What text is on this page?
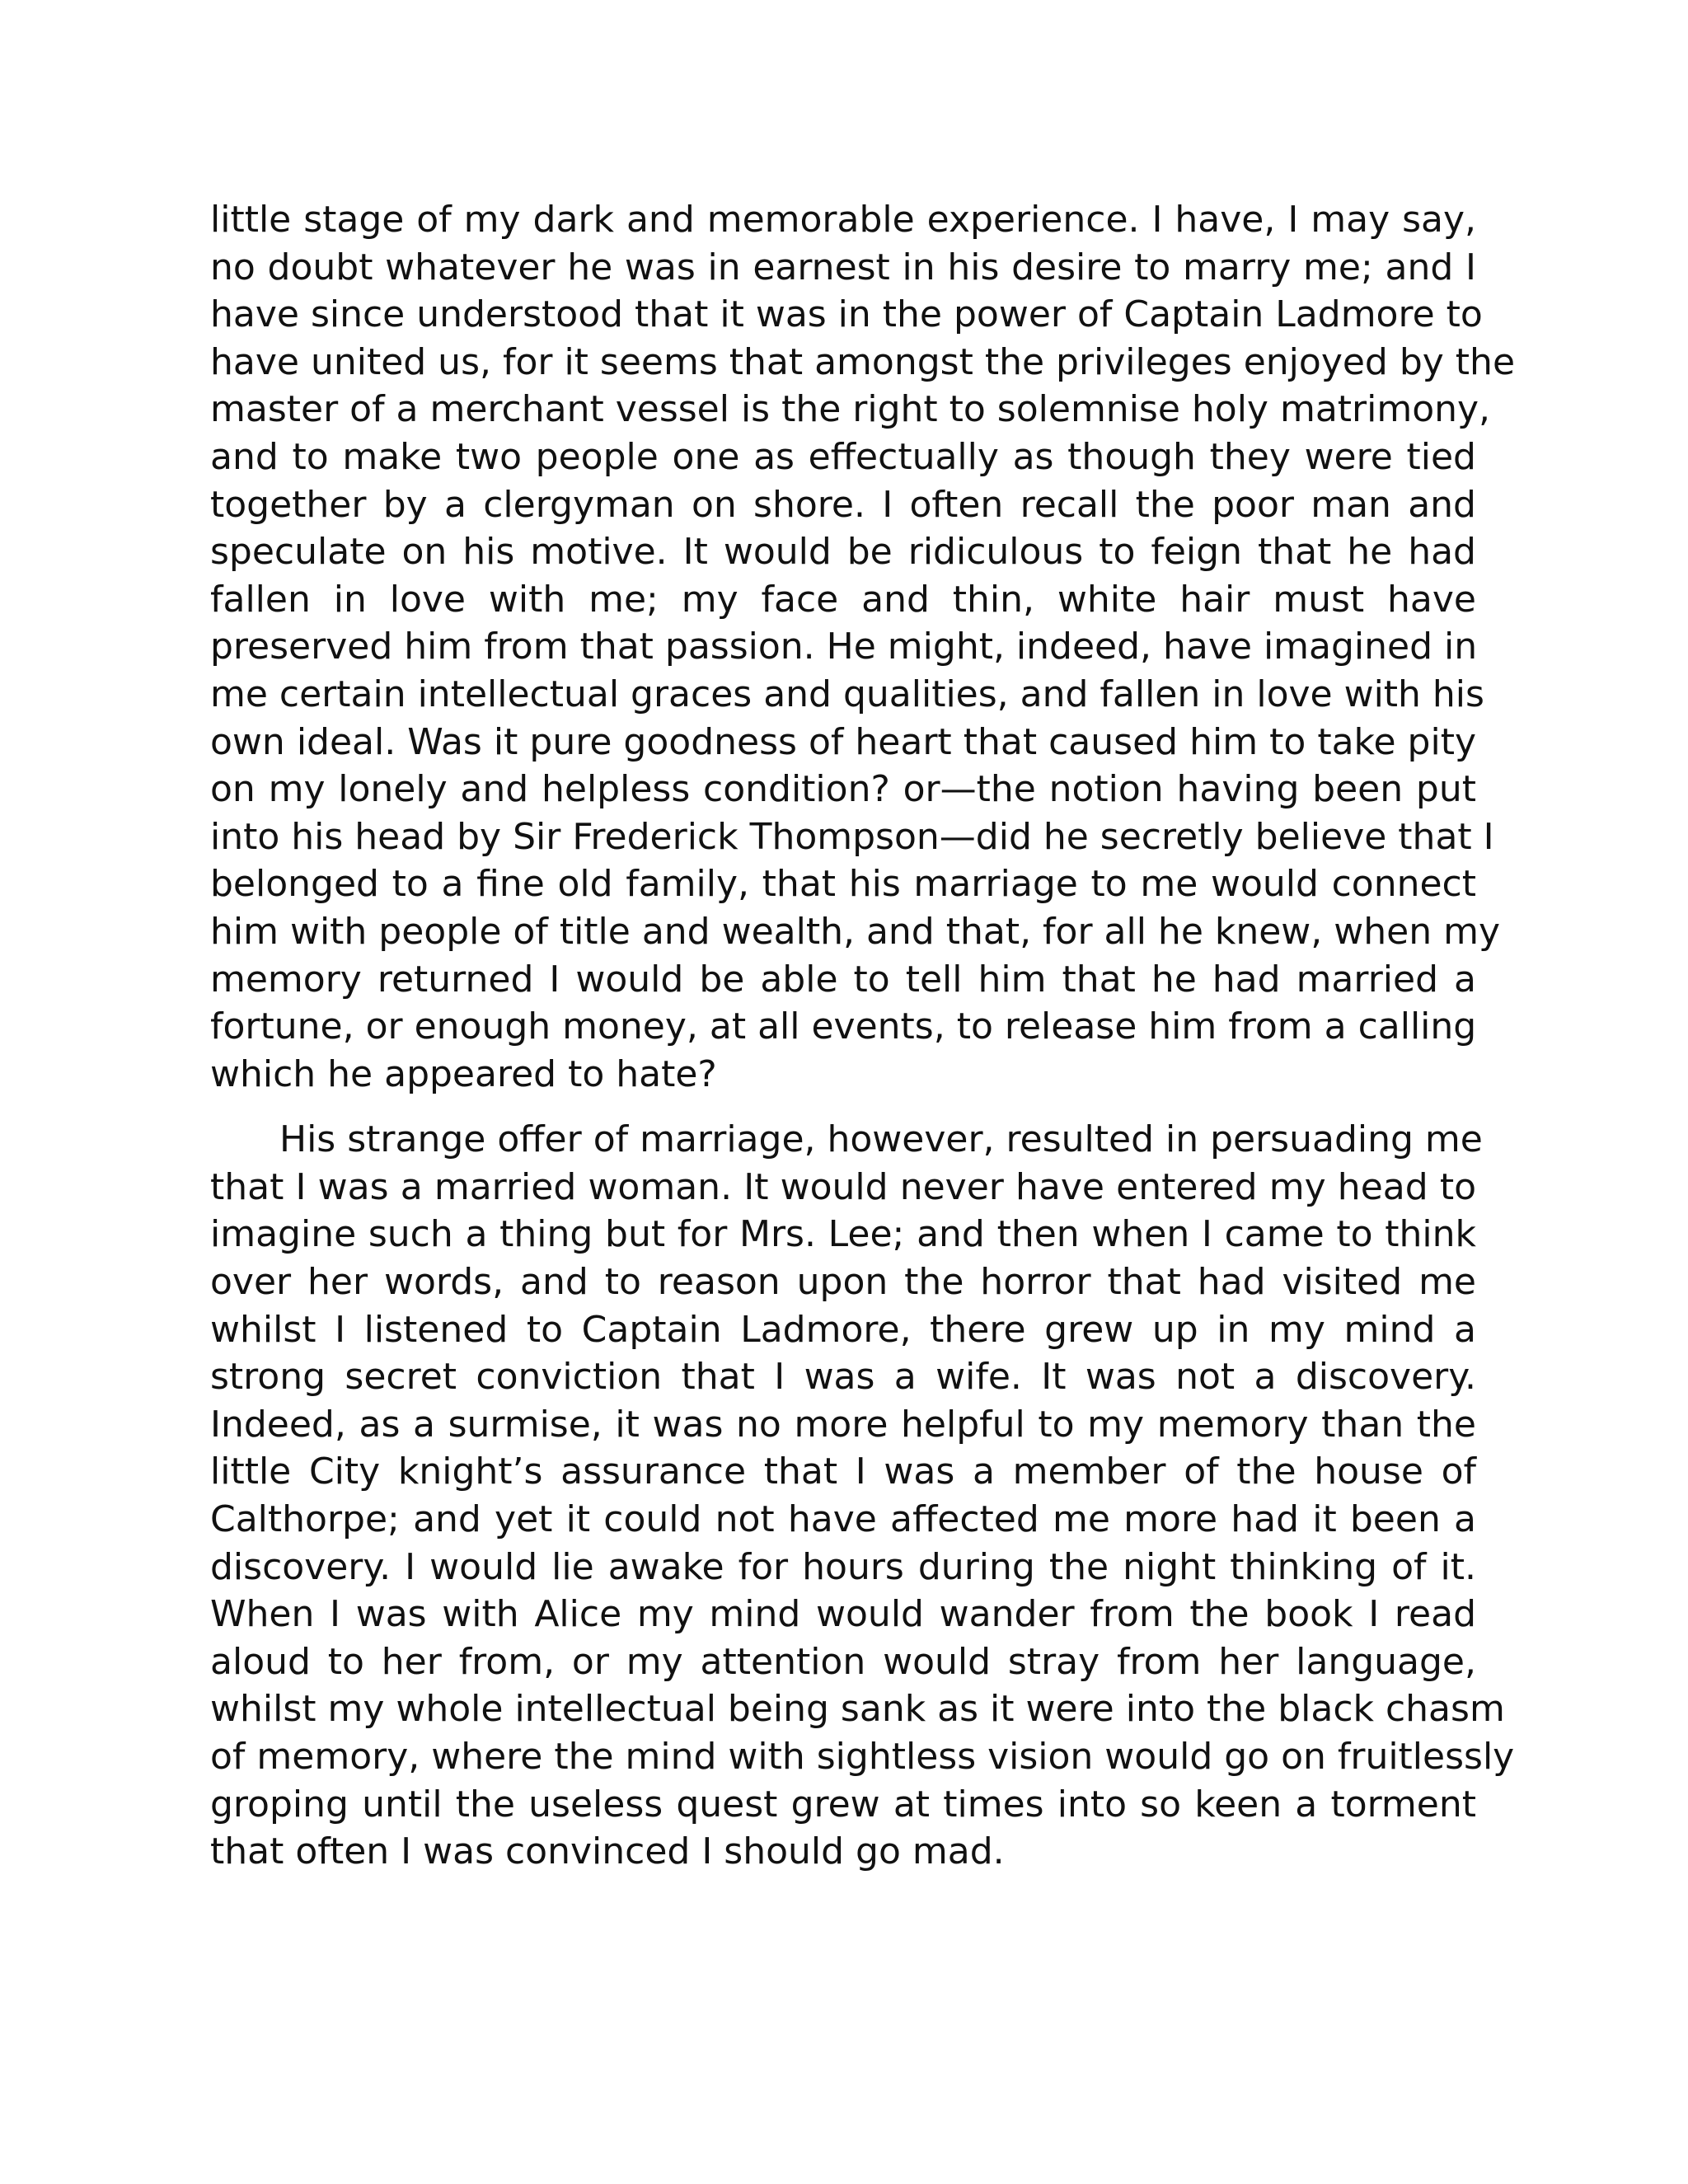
little stage of my dark and memorable experience. I have, I may say,
no doubt whatever he was in earnest in his desire to marry me; and I
have since understood that it was in the power of Captain Ladmore to
have united us, for it seems that amongst the privileges enjoyed by the
master of a merchant vessel is the right to solemnise holy matrimony,
and to make two people one as effectually as though they were tied
together by a clergyman on shore. I often recall the poor man and
speculate on his motive. It would be ridiculous to feign that he had
fallen in love with me; my face and thin, white hair must have
preserved him from that passion. He might, indeed, have imagined in
me certain intellectual graces and qualities, and fallen in love with his
own ideal. Was it pure goodness of heart that caused him to take pity
on my lonely and helpless condition? or—the notion having been put
into his head by Sir Frederick Thompson—did he secretly believe that I
belonged to a fine old family, that his marriage to me would connect
him with people of title and wealth, and that, for all he knew, when my
memory returned I would be able to tell him that he had married a
fortune, or enough money, at all events, to release him from a calling
which he appeared to hate?

His strange offer of marriage, however, resulted in persuading me
that I was a married woman. It would never have entered my head to
imagine such a thing but for Mrs. Lee; and then when I came to think
over her words, and to reason upon the horror that had visited me
whilst I listened to Captain Ladmore, there grew up in my mind a
strong secret conviction that I was a wife. It was not a discovery.
Indeed, as a surmise, it was no more helpful to my memory than the
little City knight’s assurance that I was a member of the house of
Calthorpe; and yet it could not have affected me more had it been a
discovery. I would lie awake for hours during the night thinking of it.
When I was with Alice my mind would wander from the book I read
aloud to her from, or my attention would stray from her language,
whilst my whole intellectual being sank as it were into the black chasm
of memory, where the mind with sightless vision would go on fruitlessly
groping until the useless quest grew at times into so keen a torment
that often I was convinced I should go mad.
